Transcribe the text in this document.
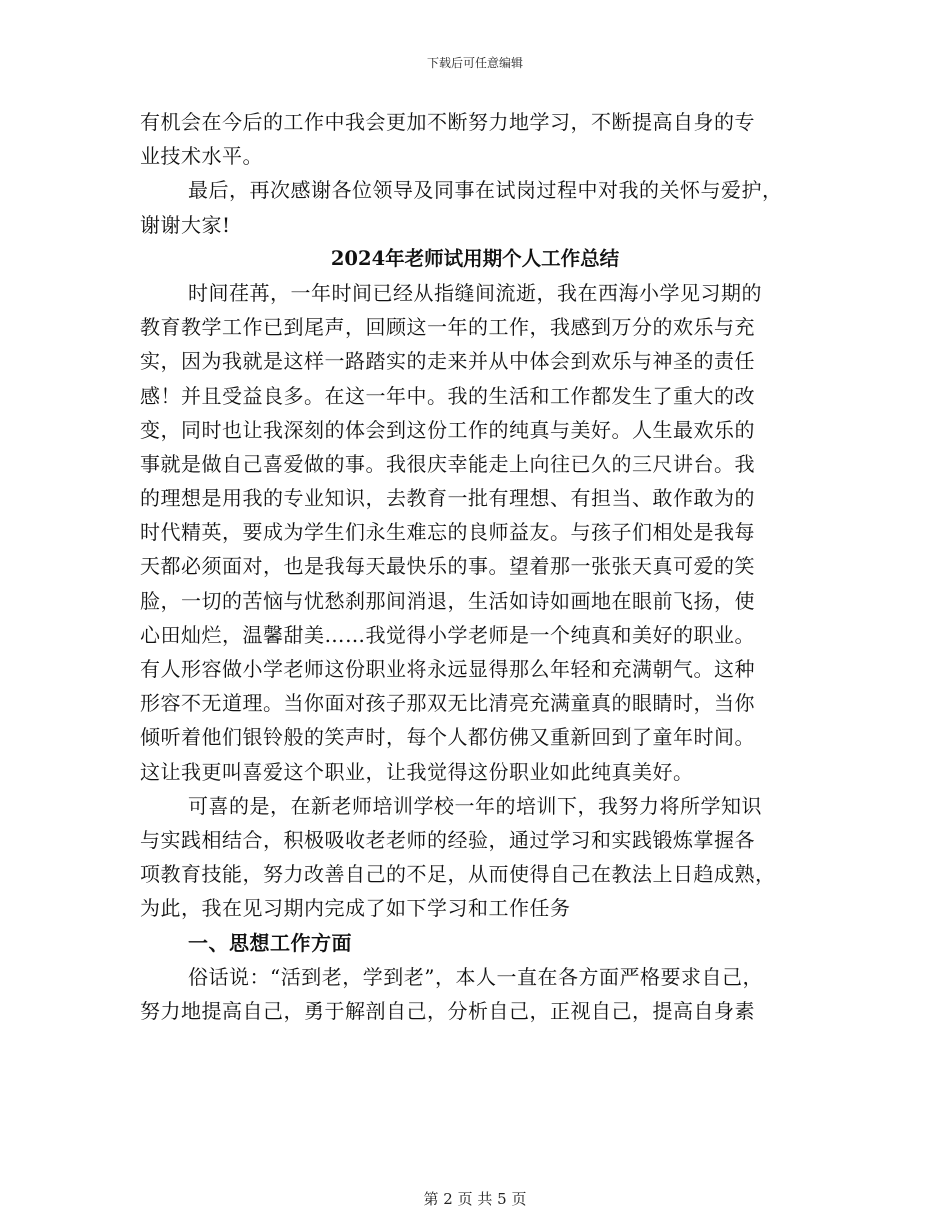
下载后可任意编辑
有机会在今后的工作中我会更加不断努力地学习，不断提高自身的专
业技术水平。
最后，再次感谢各位领导及同事在试岗过程中对我的关怀与爱护，
谢谢大家!
2024年老师试用期个人工作总结
时间荏苒，一年时间已经从指缝间流逝，我在西海小学见习期的
教育教学工作已到尾声，回顾这一年的工作，我感到万分的欢乐与充
实，因为我就是这样一路踏实的走来并从中体会到欢乐与神圣的责任
感！并且受益良多。在这一年中。我的生活和工作都发生了重大的改
变，同时也让我深刻的体会到这份工作的纯真与美好。人生最欢乐的
事就是做自己喜爱做的事。我很庆幸能走上向往已久的三尺讲台。我
的理想是用我的专业知识，去教育一批有理想、有担当、敢作敢为的
时代精英，要成为学生们永生难忘的良师益友。与孩子们相处是我每
天都必须面对，也是我每天最快乐的事。望着那一张张天真可爱的笑
脸，一切的苦恼与忧愁刹那间消退，生活如诗如画地在眼前飞扬，使
心田灿烂，温馨甜美……我觉得小学老师是一个纯真和美好的职业。
有人形容做小学老师这份职业将永远显得那么年轻和充满朝气。这种
形容不无道理。当你面对孩子那双无比清亮充满童真的眼睛时，当你
倾听着他们银铃般的笑声时，每个人都仿佛又重新回到了童年时间。
这让我更叫喜爱这个职业，让我觉得这份职业如此纯真美好。
可喜的是，在新老师培训学校一年的培训下，我努力将所学知识
与实践相结合，积极吸收老老师的经验，通过学习和实践锻炼掌握各
项教育技能，努力改善自己的不足，从而使得自己在教法上日趋成熟，
为此，我在见习期内完成了如下学习和工作任务
一、思想工作方面
俗话说：“活到老，学到老”，本人一直在各方面严格要求自己，
努力地提高自己，勇于解剖自己，分析自己，正视自己，提高自身素
第 2 页 共 5 页
